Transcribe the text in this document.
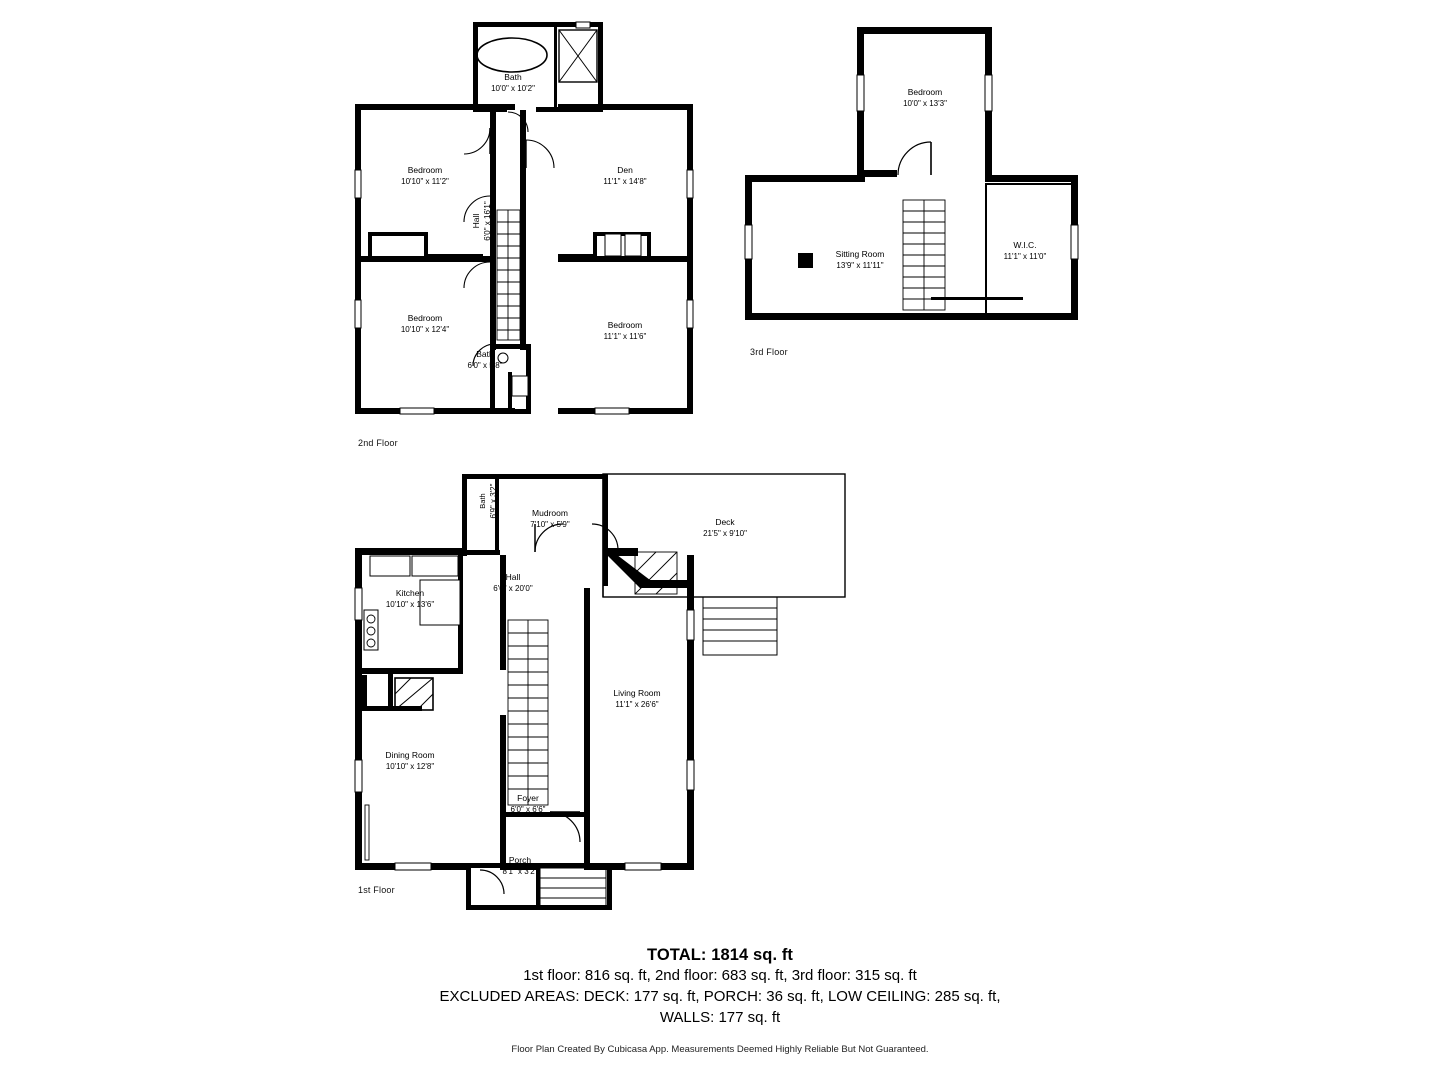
Bath
10'0" x 10'2"
Bedroom
10'10" x 11'2"
Den
11'1" x 14'8"
Hall 6'0" x 16'1"
Bedroom
10'10" x 12'4"	Bedroom
11'1" x 11'6"
Bath
6'0" x 5'8"
2nd Floor
Bedroom
10'0" x 13'3"
Sitting Room
13'9" x 11'11"
W.I.C.
11'1" x 11'0"
3rd Floor
Bath 6'9" x 3'2"	Mudroom
7'10" x 5'9"	Deck
21'5" x 9'10"
Kitchen
10'10" x 13'6"
Hall
6'0" x 20'0"
Living Room
11'1" x 26'6"
Dining Room
10'10" x 12'8"
Foyer
6'0" x 6'6"
Porch
8'1" x 3'2"
1st Floor
TOTAL: 1814 sq. ft
1st floor: 816 sq. ft, 2nd floor: 683 sq. ft, 3rd floor: 315 sq. ft
EXCLUDED AREAS: DECK: 177 sq. ft, PORCH: 36 sq. ft, LOW CEILING: 285 sq. ft,
WALLS: 177 sq. ft
Floor Plan Created By Cubicasa App. Measurements Deemed Highly Reliable But Not Guaranteed.
